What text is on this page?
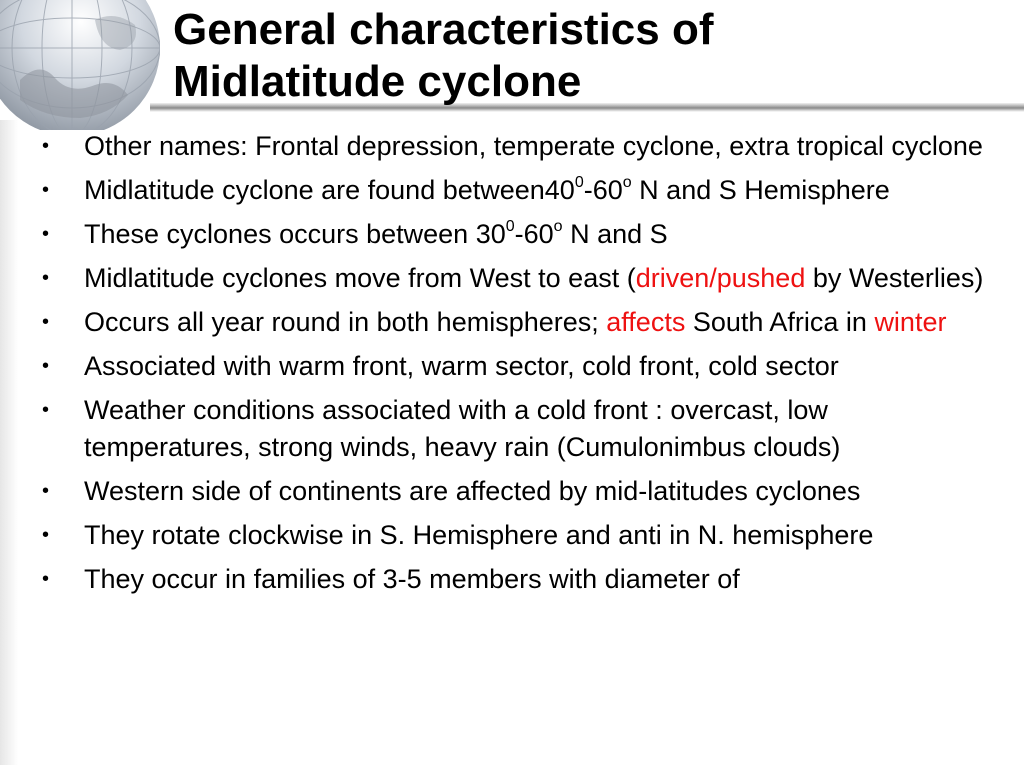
General characteristics of
Midlatitude cyclone
• Other names: Frontal depression, temperate cyclone, extra tropical cyclone
• Midlatitude cyclone are found $between40^0-60^o$ N and S Hemisphere
• These cyclones occurs between $30^0-60^o$ N and S
• Midlatitude cyclones move from West to east (driven/pushed by Westerlies)
• Occurs all year round in both hemispheres; affects South Africa in winter
• Associated with warm front, warm sector, cold front, cold sector
• Weather conditions associated with a cold front : overcast, low temperatures, strong winds, heavy rain (Cumulonimbus clouds)
• Western side of continents are affected by mid-latitudes cyclones
• They rotate clockwise in S. Hemisphere and anti in N. hemisphere
• They occur in families of 3-5 members with diameter of
